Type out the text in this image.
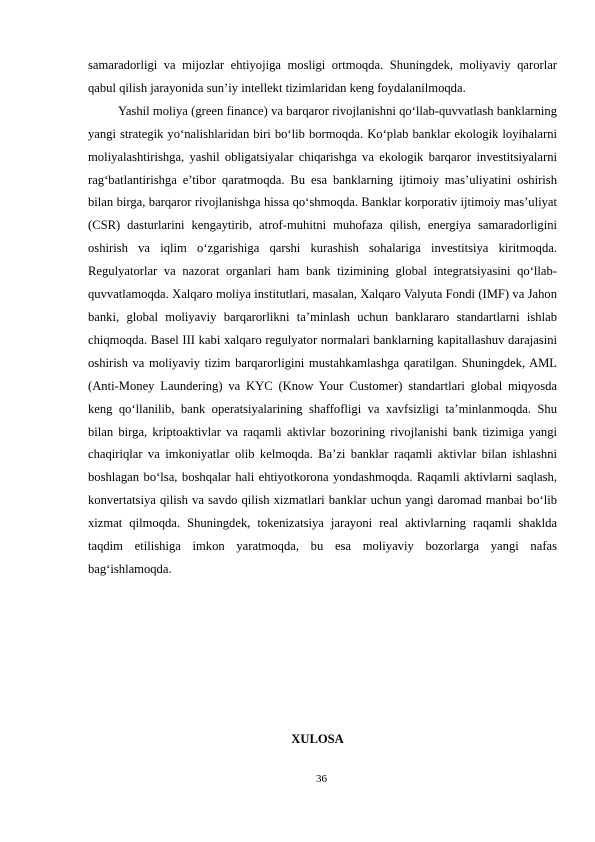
samaradorligi va mijozlar ehtiyojiga mosligi ortmoqda. Shuningdek, moliyaviy qarorlar qabul qilish jarayonida sun’iy intellekt tizimlaridan keng foydalanilmoqda.

Yashil moliya (green finance) va barqaror rivojlanishni qo‘llab-quvvatlash banklarning yangi strategik yo‘nalishlaridan biri bo‘lib bormoqda. Ko‘plab banklar ekologik loyihalarni moliyalashtirishga, yashil obligatsiyalar chiqarishga va ekologik barqaror investitsiyalarni rag‘batlantirishga e’tibor qaratmoqda. Bu esa banklarning ijtimoiy mas’uliyatini oshirish bilan birga, barqaror rivojlanishga hissa qo‘shmoqda. Banklar korporativ ijtimoiy mas’uliyat (CSR) dasturlarini kengaytirib, atrof-muhitni muhofaza qilish, energiya samaradorligini oshirish va iqlim o‘zgarishiga qarshi kurashish sohalariga investitsiya kiritmoqda. Regulyatorlar va nazorat organlari ham bank tizimining global integratsiyasini qo‘llab-quvvatlamoqda. Xalqaro moliya institutlari, masalan, Xalqaro Valyuta Fondi (IMF) va Jahon banki, global moliyaviy barqarorlikni ta’minlash uchun banklararo standartlarni ishlab chiqmoqda. Basel III kabi xalqaro regulyator normalari banklarning kapitallashuv darajasini oshirish va moliyaviy tizim barqarorligini mustahkamlashga qaratilgan. Shuningdek, AML (Anti-Money Laundering) va KYC (Know Your Customer) standartlari global miqyosda keng qo‘llanilib, bank operatsiyalarining shaffofligi va xavfsizligi ta’minlanmoqda. Shu bilan birga, kriptoaktivlar va raqamli aktivlar bozorining rivojlanishi bank tizimiga yangi chaqiriqlar va imkoniyatlar olib kelmoqda. Ba’zi banklar raqamli aktivlar bilan ishlashni boshlagan bo‘lsa, boshqalar hali ehtiyotkorona yondashmoqda. Raqamli aktivlarni saqlash, konvertatsiya qilish va savdo qilish xizmatlari banklar uchun yangi daromad manbai bo‘lib xizmat qilmoqda. Shuningdek, tokenizatsiya jarayoni real aktivlarning raqamli shaklda taqdim etilishiga imkon yaratmoqda, bu esa moliyaviy bozorlarga yangi nafas bag‘ishlamoqda.

XULOSA
36
